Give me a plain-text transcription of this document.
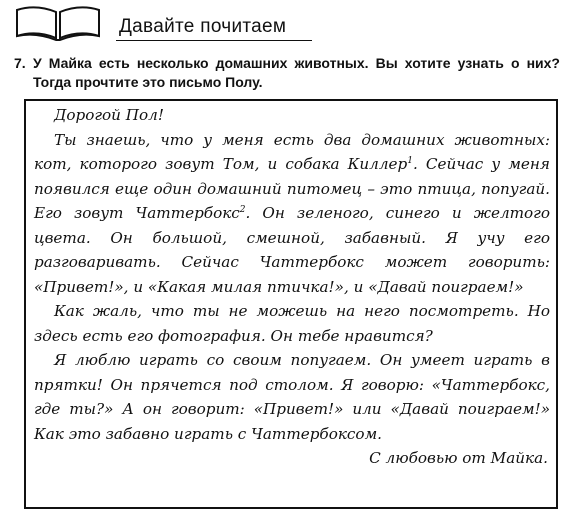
Давайте почитаем
7. У Майка есть несколько домашних животных. Вы хотите узнать о них? Тогда прочтите это письмо Полу.

Дорогой Пол!

Ты знаешь, что у меня есть два домашних животных: кот, которого зовут Том, и собака Киллер$^1$. Сейчас у меня появился еще один домашний питомец – это птица, попугай. Его зовут Чаттербокс$^2$. Он зеленого, синего и желтого цвета. Он большой, смешной, забавный. Я учу его разговаривать. Сейчас Чаттербокс может говорить: «Привет!», и «Какая милая птичка!», и «Давай поиграем!»

Как жаль, что ты не можешь на него посмотреть. Но здесь есть его фотография. Он тебе нравится?

Я люблю играть со своим попугаем. Он умеет играть в прятки! Он прячется под столом. Я говорю: «Чаттербокс, где ты?» А он говорит: «Привет!» или «Давай поиграем!» Как это забавно играть с Чаттербоксом.

С любовью от Майка.
